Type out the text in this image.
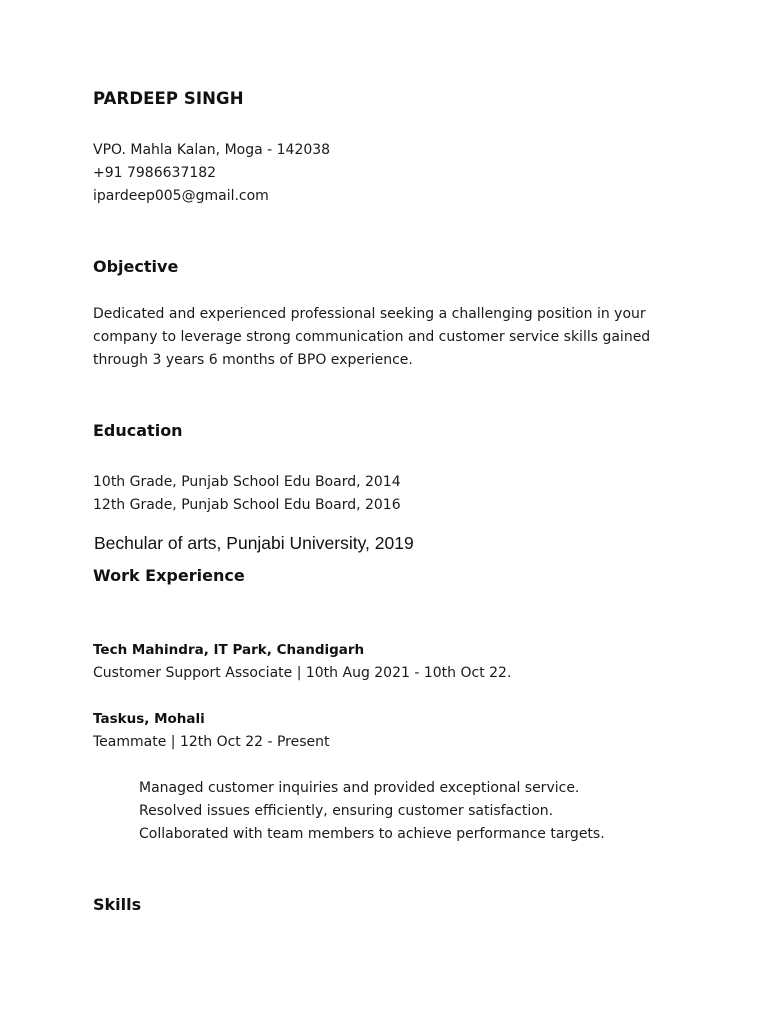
PARDEEP SINGH
VPO. Mahla Kalan, Moga - 142038
+91 7986637182
ipardeep005@gmail.com
Objective
Dedicated and experienced professional seeking a challenging position in your
company to leverage strong communication and customer service skills gained
through 3 years 6 months of BPO experience.
Education
10th Grade, Punjab School Edu Board, 2014
12th Grade, Punjab School Edu Board, 2016
Bechular of arts, Punjabi University, 2019
Work Experience
Tech Mahindra, IT Park, Chandigarh
Customer Support Associate | 10th Aug 2021 - 10th Oct 22.
Taskus, Mohali
Teammate | 12th Oct 22 - Present
Managed customer inquiries and provided exceptional service.
Resolved issues efficiently, ensuring customer satisfaction.
Collaborated with team members to achieve performance targets.
Skills
